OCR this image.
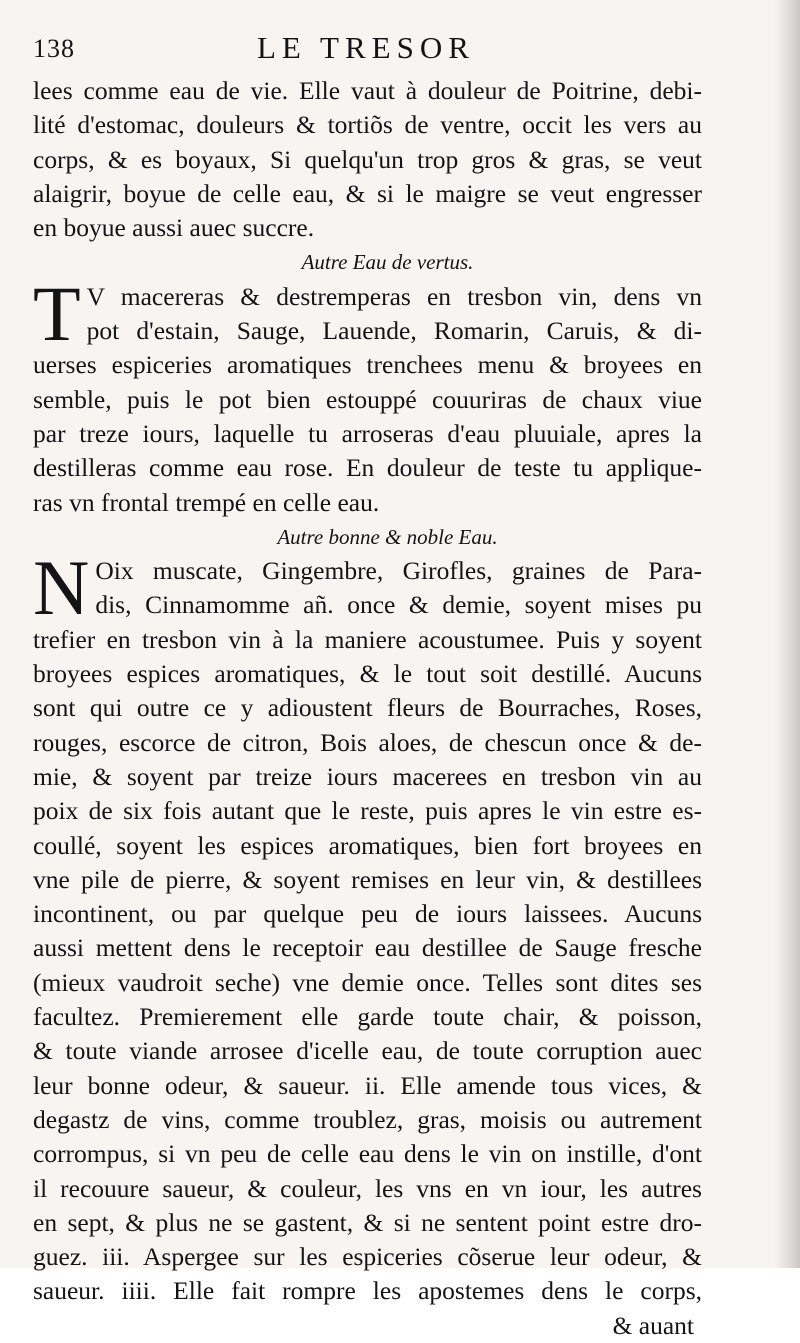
138	LE TRESOR

lees comme eau de vie. Elle vaut à douleur de Poitrine, debi-

lité d'estomac, douleurs & tortiõs de ventre, occit les vers au

corps, & es boyaux, Si quelqu'un trop gros & gras, se veut

alaigrir, boyue de celle eau, & si le maigre se veut engresser

en boyue aussi auec succre.

Autre Eau de vertus.

T V macereras & destremperas en tresbon vin, dens vn

pot d'estain, Sauge, Lauende, Romarin, Caruis, & di-

uerses espiceries aromatiques trenchees menu & broyees en

semble, puis le pot bien estouppé couuriras de chaux viue

par treze iours, laquelle tu arroseras d'eau pluuiale, apres la

destilleras comme eau rose. En douleur de teste tu applique-

ras vn frontal trempé en celle eau.

Autre bonne & noble Eau.

N Oix muscate, Gingembre, Girofles, graines de Para-

dis, Cinnamomme añ. once & demie, soyent mises pu

trefier en tresbon vin à la maniere acoustumee. Puis y soyent

broyees espices aromatiques, & le tout soit destillé. Aucuns

sont qui outre ce y adioustent fleurs de Bourraches, Roses,

rouges, escorce de citron, Bois aloes, de chescun once & de-

mie, & soyent par treize iours macerees en tresbon vin au

poix de six fois autant que le reste, puis apres le vin estre es-

coullé, soyent les espices aromatiques, bien fort broyees en

vne pile de pierre, & soyent remises en leur vin, & destillees

incontinent, ou par quelque peu de iours laissees. Aucuns

aussi mettent dens le receptoir eau destillee de Sauge fresche

(mieux vaudroit seche) vne demie once. Telles sont dites ses

facultez. Premierement elle garde toute chair, & poisson,

& toute viande arrosee d'icelle eau, de toute corruption auec

leur bonne odeur, & saueur. ii. Elle amende tous vices, &

degastz de vins, comme troublez, gras, moisis ou autrement

corrompus, si vn peu de celle eau dens le vin on instille, d'ont

il recouure saueur, & couleur, les vns en vn iour, les autres

en sept, & plus ne se gastent, & si ne sentent point estre dro-

guez. iii. Aspergee sur les espiceries cõserue leur odeur, &

saueur. iiii. Elle fait rompre les apostemes dens le corps,

& auant
